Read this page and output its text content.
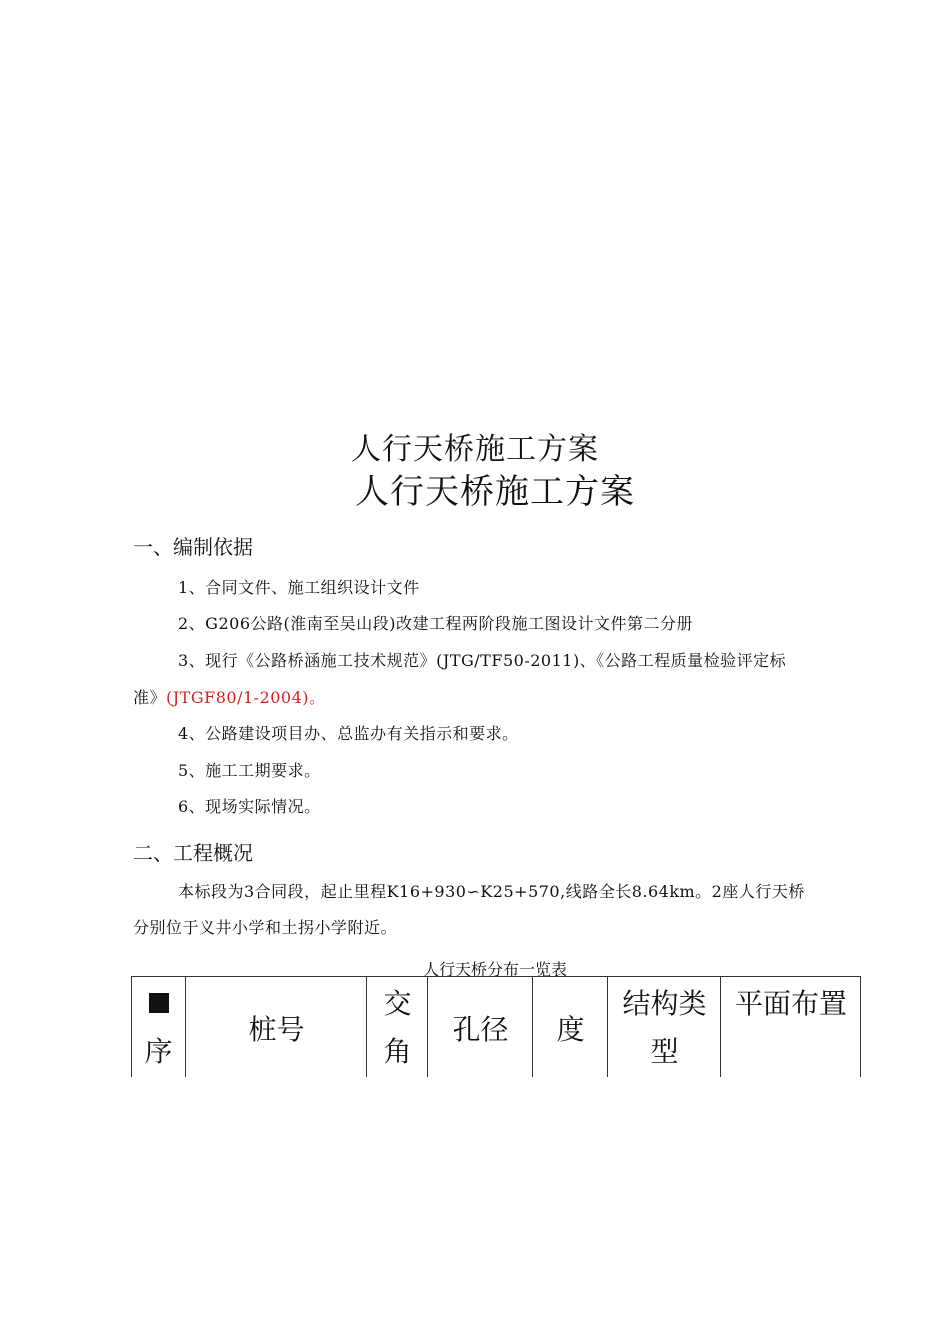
人行天桥施工方案
人行天桥施工方案
一、编制依据
1、合同文件、施工组织设计文件
2、G206公路(淮南至吴山段)改建工程两阶段施工图设计文件第二分册
3、现行《公路桥涵施工技术规范》(JTG/TF50-2011)、《公路工程质量检验评定标
准》(JTGF80/1-2004)。
4、公路建设项目办、总监办有关指示和要求。
5、施工工期要求。
6、现场实际情况。
二、工程概况
本标段为3合同段，起止里程K16+930∽K25+570,线路全长8.64km。2座人行天桥
分别位于义井小学和土拐小学附近。
人行天桥分布一览表
序
桩号
交
角
孔径	度
结构类
型
平面布置
